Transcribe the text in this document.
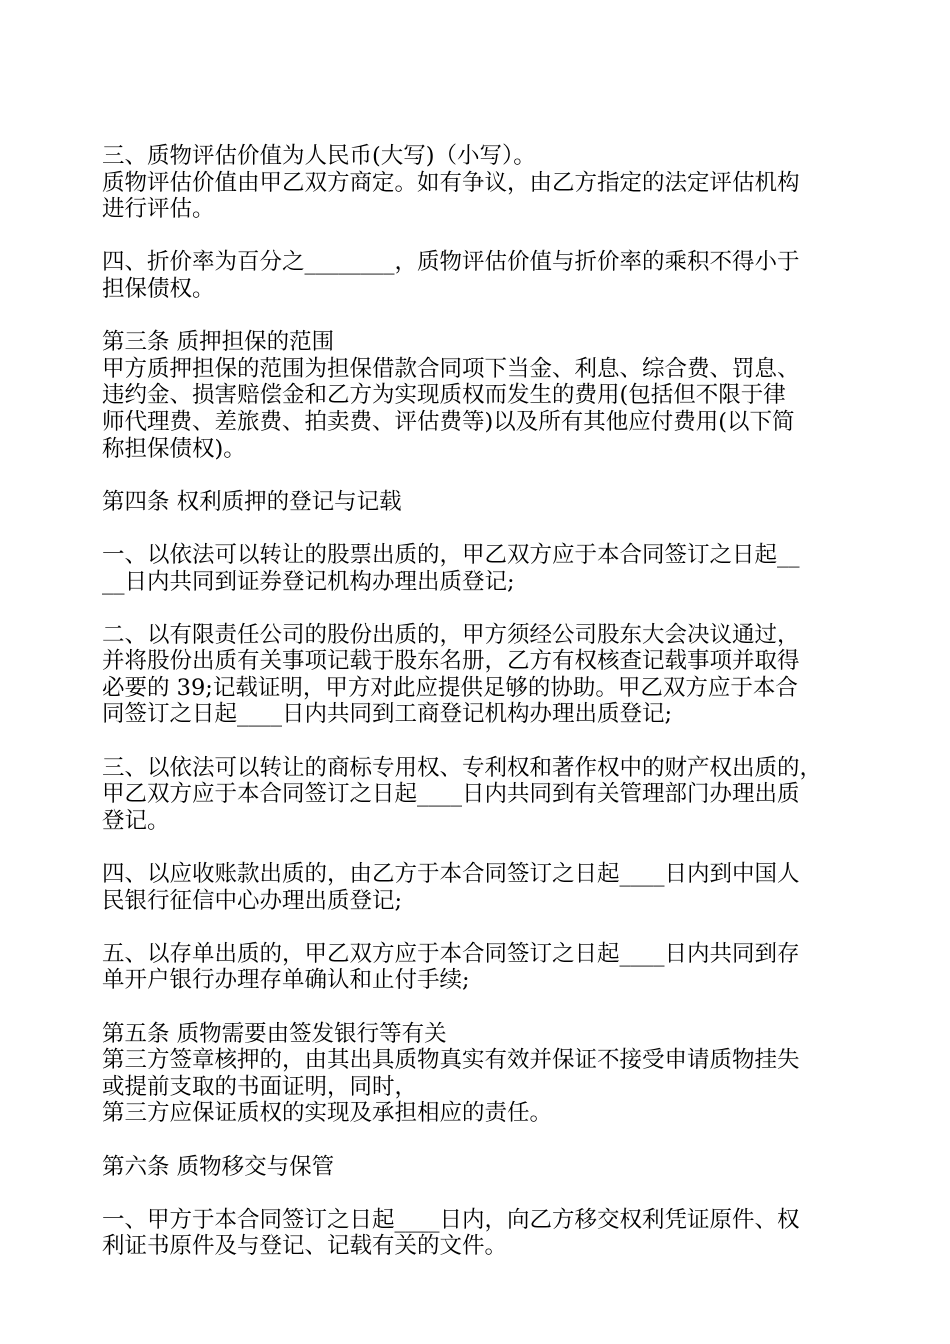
三、质物评估价值为人民币(大写)（小写）。
质物评估价值由甲乙双方商定。如有争议，由乙方指定的法定评估机构
进行评估。
四、折价率为百分之________，质物评估价值与折价率的乘积不得小于
担保债权。
第三条 质押担保的范围
甲方质押担保的范围为担保借款合同项下当金、利息、综合费、罚息、
违约金、损害赔偿金和乙方为实现质权而发生的费用(包括但不限于律
师代理费、差旅费、拍卖费、评估费等)以及所有其他应付费用(以下简
称担保债权)。
第四条 权利质押的登记与记载
一、以依法可以转让的股票出质的，甲乙双方应于本合同签订之日起__
__日内共同到证券登记机构办理出质登记;
二、以有限责任公司的股份出质的，甲方须经公司股东大会决议通过，
并将股份出质有关事项记载于股东名册，乙方有权核查记载事项并取得
必要的 39;记载证明，甲方对此应提供足够的协助。甲乙双方应于本合
同签订之日起____日内共同到工商登记机构办理出质登记;
三、以依法可以转让的商标专用权、专利权和著作权中的财产权出质的，
甲乙双方应于本合同签订之日起____日内共同到有关管理部门办理出质
登记。
四、以应收账款出质的，由乙方于本合同签订之日起____日内到中国人
民银行征信中心办理出质登记;
五、以存单出质的，甲乙双方应于本合同签订之日起____日内共同到存
单开户银行办理存单确认和止付手续;
第五条 质物需要由签发银行等有关
第三方签章核押的，由其出具质物真实有效并保证不接受申请质物挂失
或提前支取的书面证明，同时，
第三方应保证质权的实现及承担相应的责任。
第六条 质物移交与保管
一、甲方于本合同签订之日起____日内，向乙方移交权利凭证原件、权
利证书原件及与登记、记载有关的文件。
